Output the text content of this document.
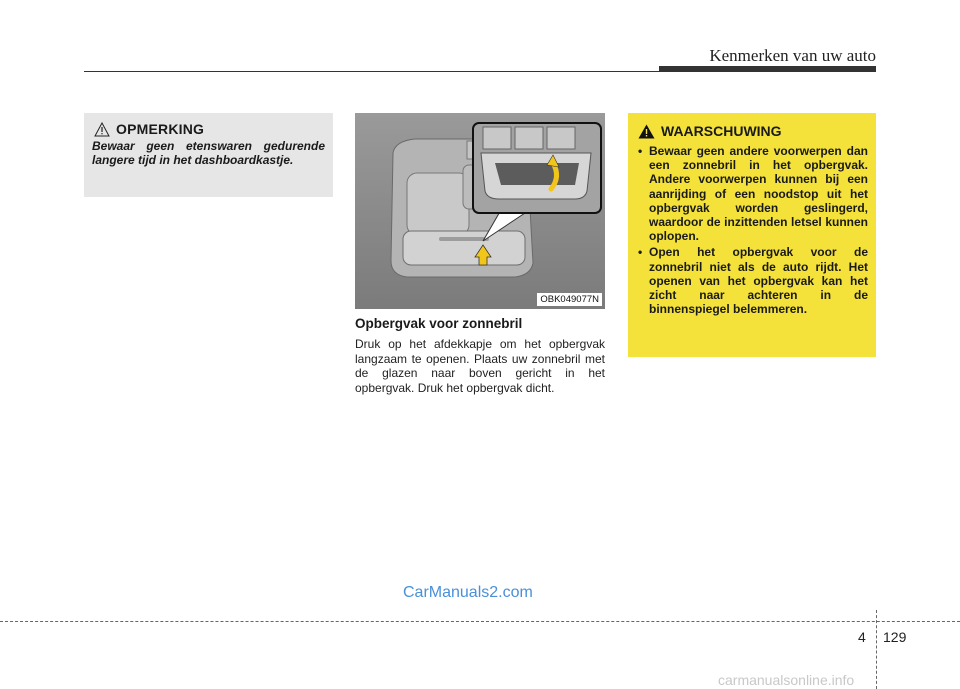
Kenmerken van uw auto
OPMERKING
Bewaar geen etenswaren gedurende langere tijd in het dashboardkastje.
OBK049077N
Opbergvak voor zonnebril
Druk op het afdekkapje om het opbergvak langzaam te openen. Plaats uw zonnebril met de glazen naar boven gericht in het opbergvak. Druk het opbergvak dicht.
WAARSCHUWING
• Bewaar geen andere voorwerpen dan een zonnebril in het opbergvak. Andere voorwerpen kunnen bij een aanrijding of een noodstop uit het opbergvak worden geslingerd, waardoor de inzittenden letsel kunnen oplopen.
• Open het opbergvak voor de zonnebril niet als de auto rijdt. Het openen van het opbergvak kan het zicht naar achteren in de binnenspiegel belemmeren.
CarManuals2.com
4 129
carmanualsonline.info
